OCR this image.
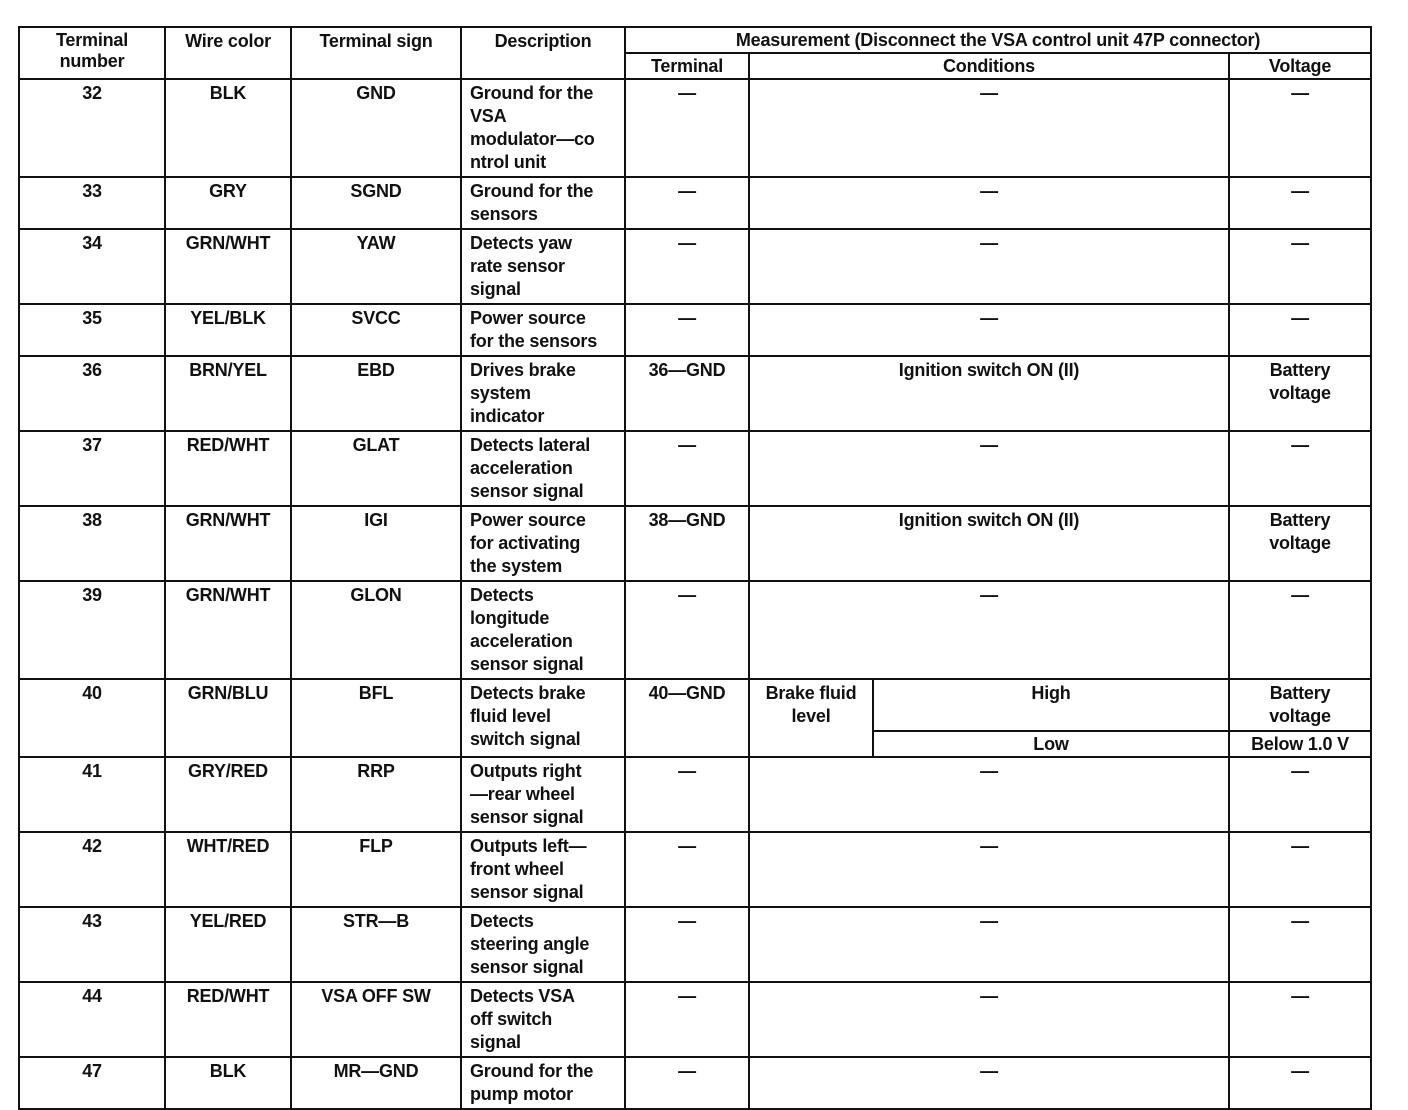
Terminal number	Wire color	Terminal sign	Description	Measurement (Disconnect the VSA control unit 47P connector)			
				Terminal	Conditions		Voltage
32	BLK	GND	Ground for the
VSA
modulator—co
ntrol unit	—	—		—
33	GRY	SGND	Ground for the
sensors	—	—		—
34	GRN/WHT	YAW	Detects yaw
rate sensor
signal	—	—		—
35	YEL/BLK	SVCC	Power source
for the sensors	—	—		—
36	BRN/YEL	EBD	Drives brake
system
indicator	36—GND	Ignition switch ON (II)		Battery
voltage
37	RED/WHT	GLAT	Detects lateral
acceleration
sensor signal	—	—		—
38	GRN/WHT	IGI	Power source
for activating
the system	38—GND	Ignition switch ON (II)		Battery
voltage
39	GRN/WHT	GLON	Detects
longitude
acceleration
sensor signal	—	—		—
40	GRN/BLU	BFL	Detects brake
fluid level
switch signal	40—GND	Brake fluid
level	High	Battery
voltage
						Low	Below 1.0 V
41	GRY/RED	RRP	Outputs right
—rear wheel
sensor signal	—	—		—
42	WHT/RED	FLP	Outputs left—
front wheel
sensor signal	—	—		—
43	YEL/RED	STR—B	Detects
steering angle
sensor signal	—	—		—
44	RED/WHT	VSA OFF SW	Detects VSA
off switch
signal	—	—		—
47	BLK	MR—GND	Ground for the
pump motor	—	—		—
